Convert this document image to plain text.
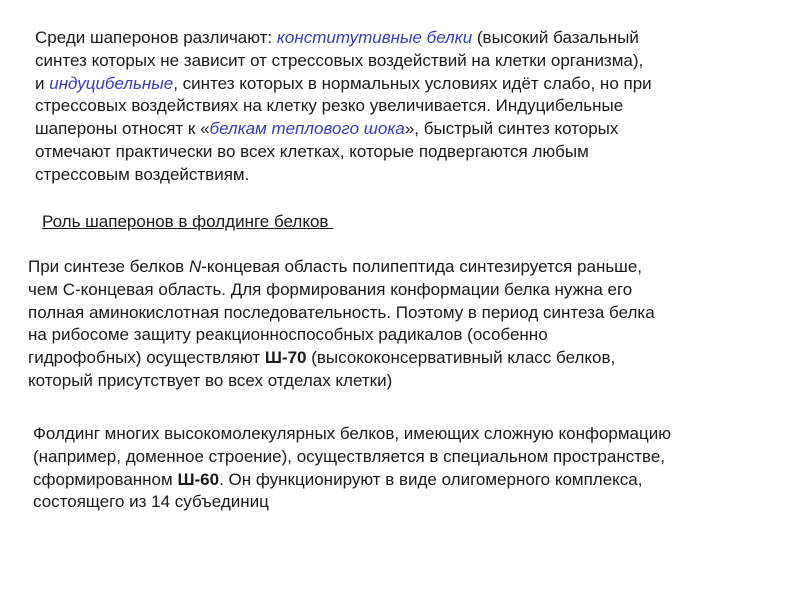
Среди шаперонов различают: конститутивные белки (высокий базальный
синтез которых не зависит от стрессовых воздействий на клетки организма),
и индуцибельные, синтез которых в нормальных условиях идёт слабо, но при
стрессовых воздействиях на клетку резко увеличивается. Индуцибельные
шапероны относят к «белкам теплового шока», быстрый синтез которых
отмечают практически во всех клетках, которые подвергаются любым
стрессовым воздействиям.
Роль шаперонов в фолдинге белков
При синтезе белков N-концевая область полипептида синтезируется раньше,
чем С-концевая область. Для формирования конформации белка нужна его
полная аминокислотная последовательность. Поэтому в период синтеза белка
на рибосоме защиту реакционноспособных радикалов (особенно
гидрофобных) осуществляют Ш-70 (высококонсервативный класс белков,
который присутствует во всех отделах клетки)
Фолдинг многих высокомолекулярных белков, имеющих сложную конформацию
(например, доменное строение), осуществляется в специальном пространстве,
сформированном Ш-60. Он функционируют в виде олигомерного комплекса,
состоящего из 14 субъединиц
